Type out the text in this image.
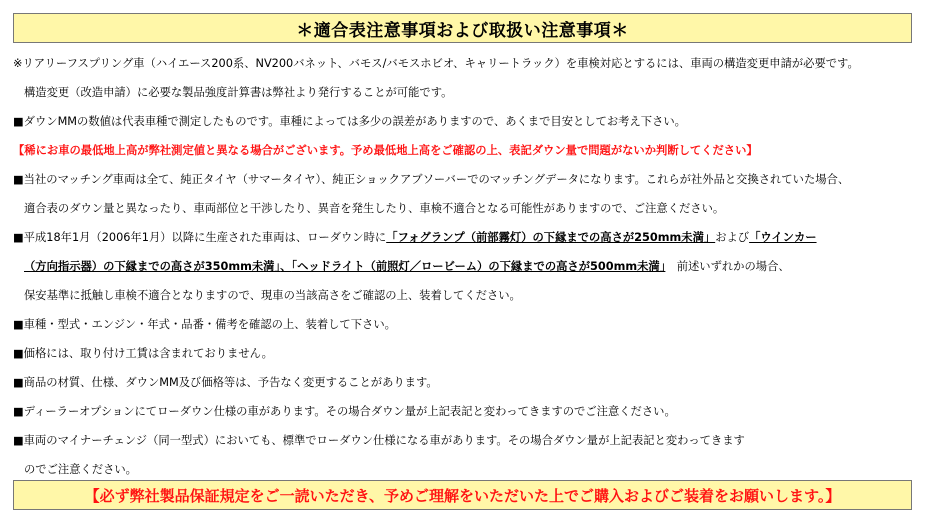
＊適合表注意事項および取扱い注意事項＊
※リアリーフスプリング車（ハイエース200系、NV200バネット、バモス/バモスホビオ、キャリートラック）を車検対応とするには、車両の構造変更申請が必要です。
構造変更（改造申請）に必要な製品強度計算書は弊社より発行することが可能です。
■ダウンMMの数値は代表車種で測定したものです。車種によっては多少の誤差がありますので、あくまで目安としてお考え下さい。
【稀にお車の最低地上高が弊社測定値と異なる場合がございます。予め最低地上高をご確認の上、表記ダウン量で問題がないか判断してください】
■当社のマッチング車両は全て、純正タイヤ（サマータイヤ）、純正ショックアブソーバーでのマッチングデータになります。これらが社外品と交換されていた場合、
適合表のダウン量と異なったり、車両部位と干渉したり、異音を発生したり、車検不適合となる可能性がありますので、ご注意ください。
■平成18年1月（2006年1月）以降に生産された車両は、ローダウン時に「フォグランプ（前部霧灯）の下縁までの高さが250mm未満」および「ウインカー
（方向指示器）の下縁までの高さが350mm未満」、「ヘッドライト（前照灯／ロービーム）の下縁までの高さが500mm未満」　前述いずれかの場合、
保安基準に抵触し車検不適合となりますので、現車の当該高さをご確認の上、装着してください。
■車種・型式・エンジン・年式・品番・備考を確認の上、装着して下さい。
■価格には、取り付け工賃は含まれておりません。
■商品の材質、仕様、ダウンMM及び価格等は、予告なく変更することがあります。
■ディーラーオプションにてローダウン仕様の車があります。その場合ダウン量が上記表記と変わってきますのでご注意ください。
■車両のマイナーチェンジ（同一型式）においても、標準でローダウン仕様になる車があります。その場合ダウン量が上記表記と変わってきます
のでご注意ください。
【必ず弊社製品保証規定をご一読いただき、予めご理解をいただいた上でご購入およびご装着をお願いします。】
